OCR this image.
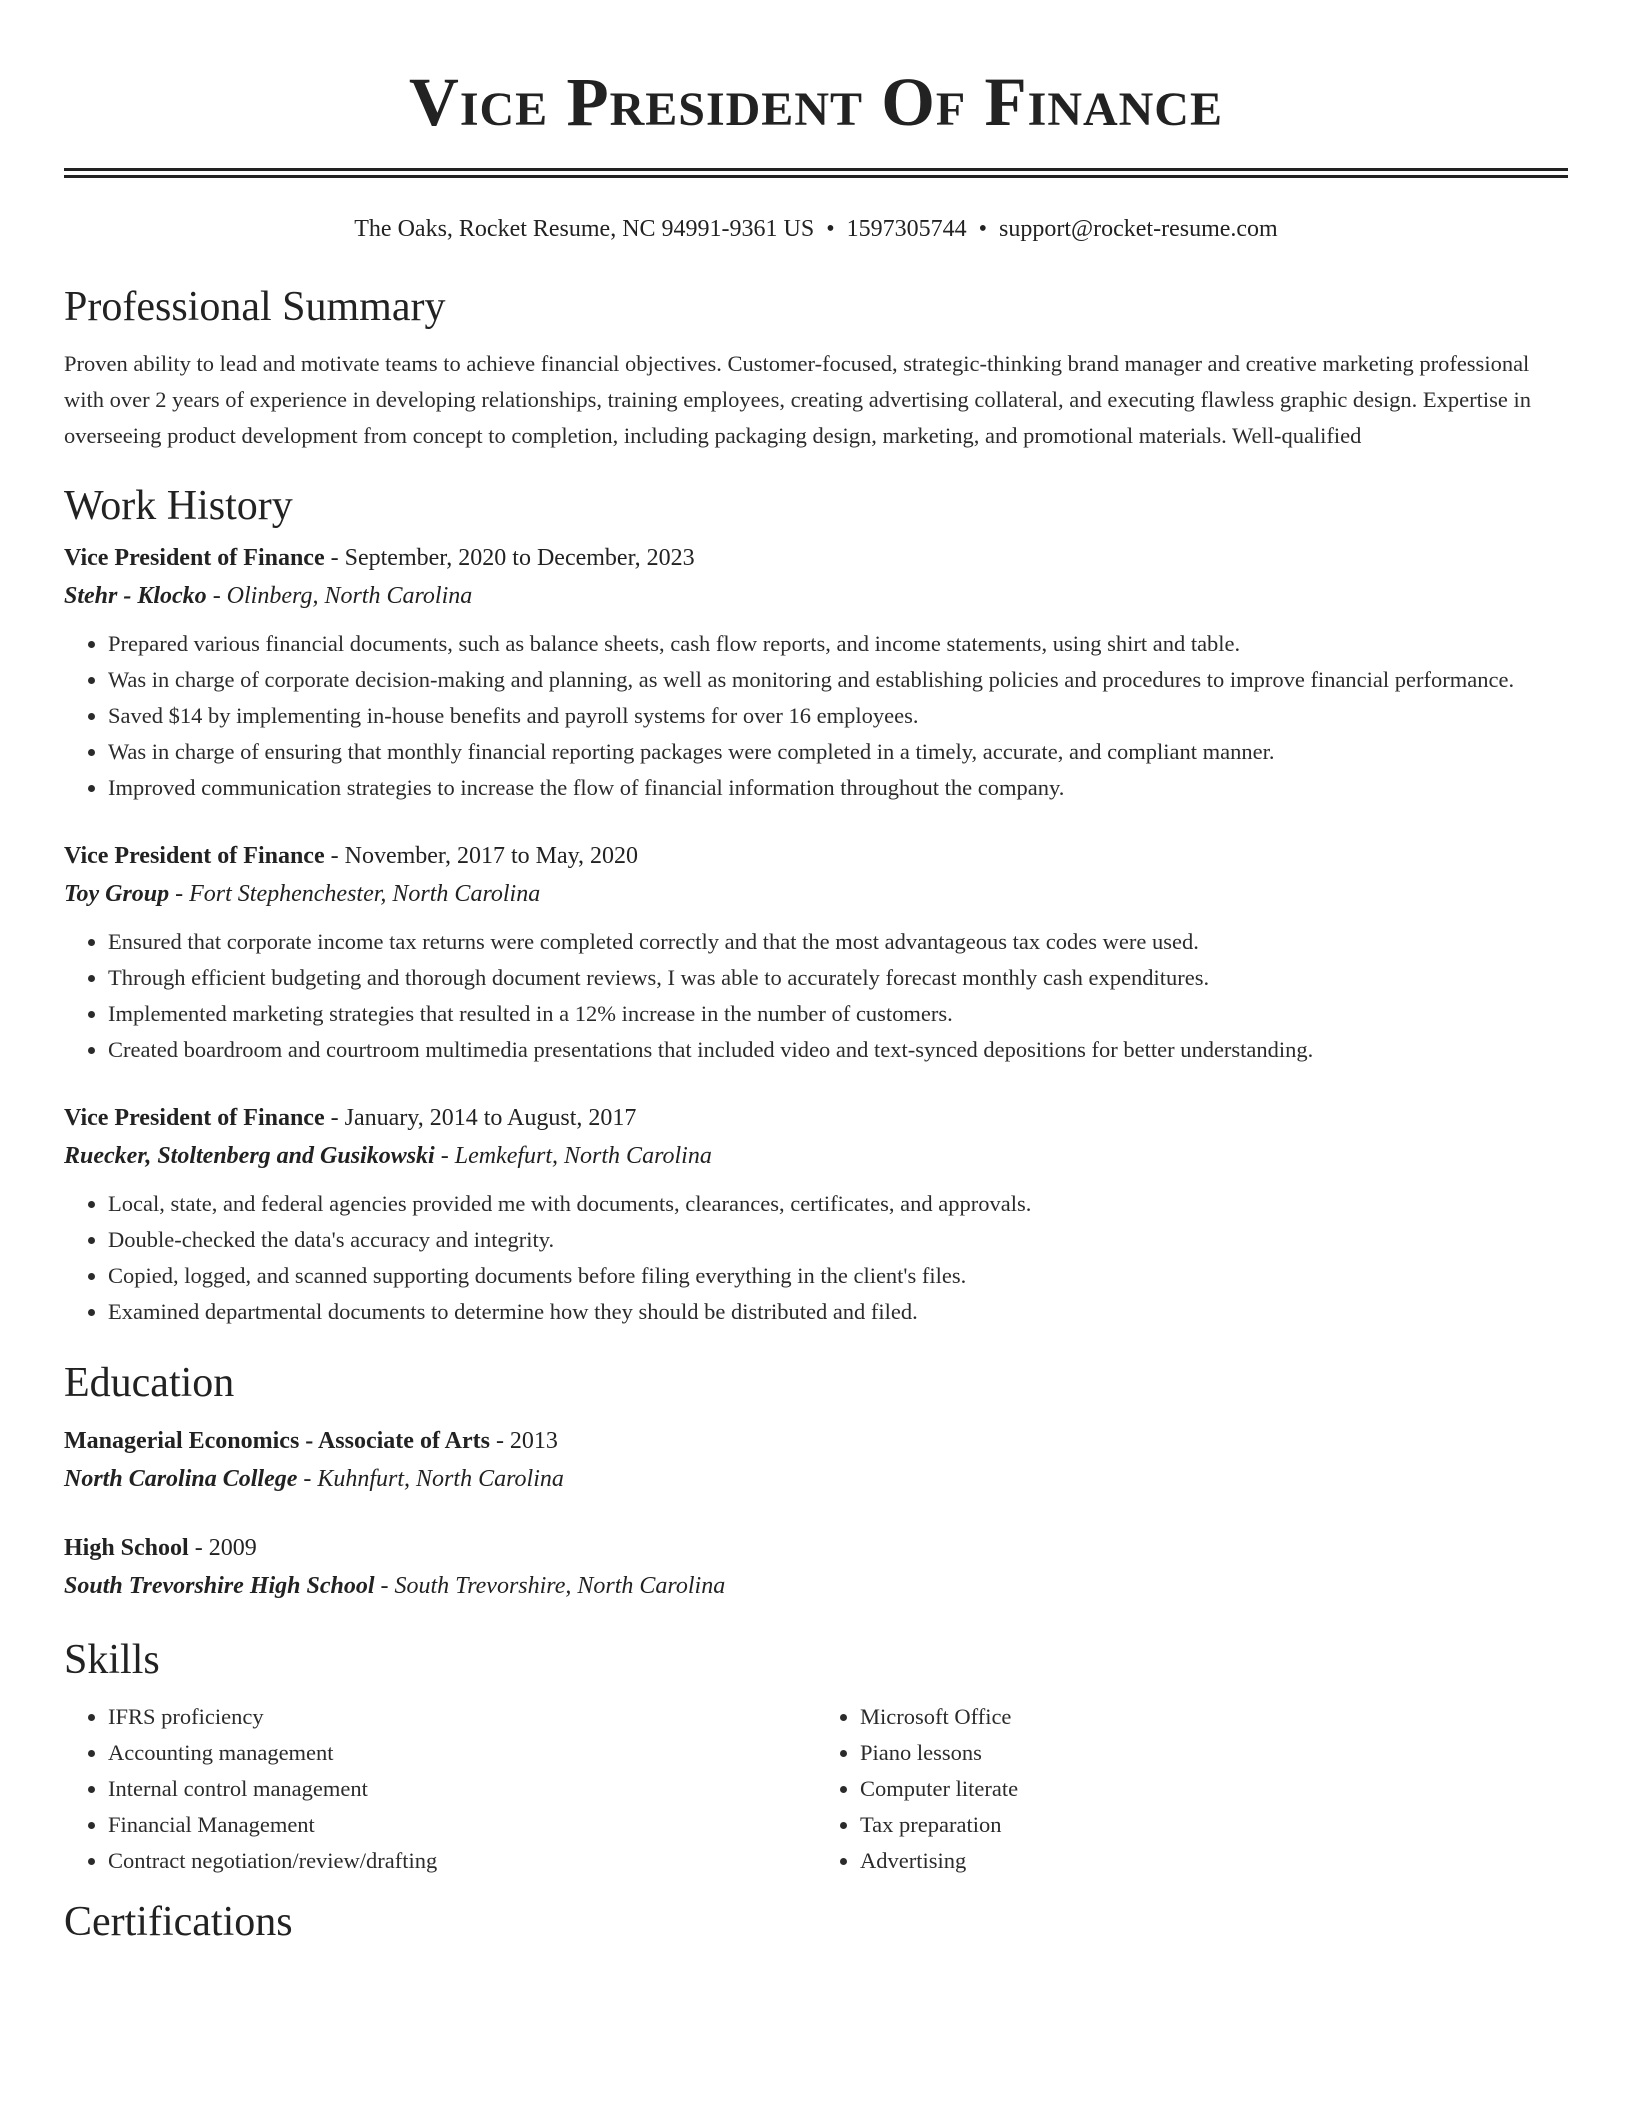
Vice President Of Finance
The Oaks, Rocket Resume, NC 94991-9361 US • 1597305744 • support@rocket-resume.com
Professional Summary

Proven ability to lead and motivate teams to achieve financial objectives. Customer-focused, strategic-thinking brand manager and creative marketing professional with over 2 years of experience in developing relationships, training employees, creating advertising collateral, and executing flawless graphic design. Expertise in overseeing product development from concept to completion, including packaging design, marketing, and promotional materials. Well-qualified

Work History
Vice President of Finance - September, 2020 to December, 2023
Stehr - Klocko - Olinberg, North Carolina
• Prepared various financial documents, such as balance sheets, cash flow reports, and income statements, using shirt and table.
• Was in charge of corporate decision-making and planning, as well as monitoring and establishing policies and procedures to improve financial performance.
• Saved $14 by implementing in-house benefits and payroll systems for over 16 employees.
• Was in charge of ensuring that monthly financial reporting packages were completed in a timely, accurate, and compliant manner.
• Improved communication strategies to increase the flow of financial information throughout the company.
Vice President of Finance - November, 2017 to May, 2020
Toy Group - Fort Stephenchester, North Carolina
• Ensured that corporate income tax returns were completed correctly and that the most advantageous tax codes were used.
• Through efficient budgeting and thorough document reviews, I was able to accurately forecast monthly cash expenditures.
• Implemented marketing strategies that resulted in a 12% increase in the number of customers.
• Created boardroom and courtroom multimedia presentations that included video and text-synced depositions for better understanding.
Vice President of Finance - January, 2014 to August, 2017
Ruecker, Stoltenberg and Gusikowski - Lemkefurt, North Carolina
• Local, state, and federal agencies provided me with documents, clearances, certificates, and approvals.
• Double-checked the data's accuracy and integrity.
• Copied, logged, and scanned supporting documents before filing everything in the client's files.
• Examined departmental documents to determine how they should be distributed and filed.
Education
Managerial Economics - Associate of Arts - 2013
North Carolina College - Kuhnfurt, North Carolina
High School - 2009
South Trevorshire High School - South Trevorshire, North Carolina
Skills
• IFRS proficiency
• Accounting management
• Internal control management
• Financial Management
• Contract negotiation/review/drafting
• Microsoft Office
• Piano lessons
• Computer literate
• Tax preparation
• Advertising
Certifications
